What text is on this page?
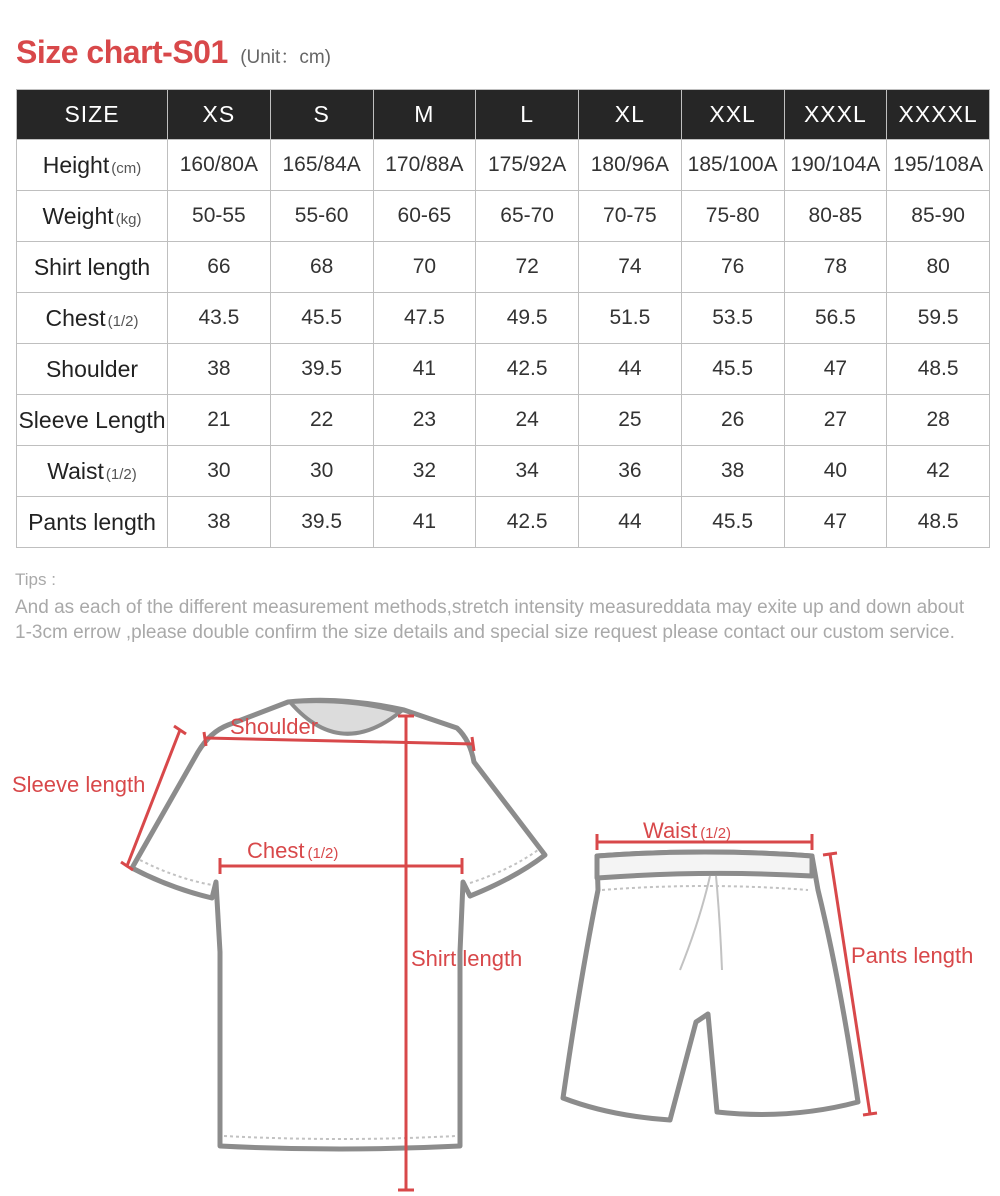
Size chart-S01 (Unit：cm)
SIZE	XS	S	M	L	XL	XXL	XXXL	XXXXL
Height (cm)	160/80A	165/84A	170/88A	175/92A	180/96A	185/100A	190/104A	195/108A
Weight (kg)	50-55	55-60	60-65	65-70	70-75	75-80	80-85	85-90
Shirt length	66	68	70	72	74	76	78	80
Chest (1/2)	43.5	45.5	47.5	49.5	51.5	53.5	56.5	59.5
Shoulder	38	39.5	41	42.5	44	45.5	47	48.5
Sleeve Length	21	22	23	24	25	26	27	28
Waist (1/2)	30	30	32	34	36	38	40	42
Pants length	38	39.5	41	42.5	44	45.5	47	48.5
Tips :
And as each of the different measurement methods,stretch intensity measureddata may exite up and down about 1-3cm errow ,please double confirm the size details and special size request please contact our custom service.
Shoulder
Sleeve length
Chest (1/2)
Shirt length
Waist (1/2)
Pants length
